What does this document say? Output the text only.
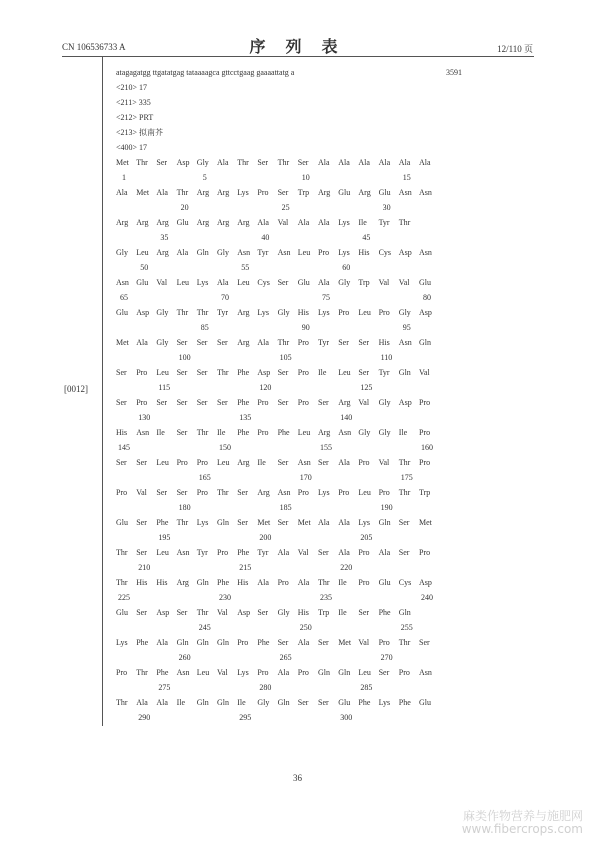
CN 106536733 A	序 列 表	12/110 页
atagagatgg ttgatatgag tataaaagca gttcctgaag gaaaattatg a	3591
<210> 17
<211> 335
<212> PRT
<213> 拟南芥
<400> 17
Met Thr Ser Asp Gly Ala Thr Ser Thr Ser Ala Ala Ala Ala Ala Ala
1	5	10	15
Ala Met Ala Thr Arg Arg Lys Pro Ser Trp Arg Glu Arg Glu Asn Asn
20	25	30
Arg Arg Arg Glu Arg Arg Arg Ala Val Ala Ala Lys Ile Tyr Thr
35	40	45
Gly Leu Arg Ala Gln Gly Asn Tyr Asn Leu Pro Lys His Cys Asp Asn
50	55	60
Asn Glu Val Leu Lys Ala Leu Cys Ser Glu Ala Gly Trp Val Val Glu
65	70	75	80
Glu Asp Gly Thr Thr Tyr Arg Lys Gly His Lys Pro Leu Pro Gly Asp
85	90	95
Met Ala Gly Ser Ser Ser Arg Ala Thr Pro Tyr Ser Ser His Asn Gln
100	105	110
Ser Pro Leu Ser Ser Thr Phe Asp Ser Pro Ile Leu Ser Tyr Gln Val
115	120	125
Ser Pro Ser Ser Ser Ser Phe Pro Ser Pro Ser Arg Val Gly Asp Pro
130	135	140
His Asn Ile Ser Thr Ile Phe Pro Phe Leu Arg Asn Gly Gly Ile Pro
145	150	155	160
Ser Ser Leu Pro Pro Leu Arg Ile Ser Asn Ser Ala Pro Val Thr Pro
165	170	175
Pro Val Ser Ser Pro Thr Ser Arg Asn Pro Lys Pro Leu Pro Thr Trp
180	185	190
Glu Ser Phe Thr Lys Gln Ser Met Ser Met Ala Ala Lys Gln Ser Met
195	200	205
Thr Ser Leu Asn Tyr Pro Phe Tyr Ala Val Ser Ala Pro Ala Ser Pro
210	215	220
Thr His His Arg Gln Phe His Ala Pro Ala Thr Ile Pro Glu Cys Asp
225	230	235	240
Glu Ser Asp Ser Thr Val Asp Ser Gly His Trp Ile Ser Phe Gln
245	250	255
Lys Phe Ala Gln Gln Gln Pro Phe Ser Ala Ser Met Val Pro Thr Ser
260	265	270
Pro Thr Phe Asn Leu Val Lys Pro Ala Pro Gln Gln Leu Ser Pro Asn
275	280	285
Thr Ala Ala Ile Gln Gln Ile Gly Gln Ser Ser Glu Phe Lys Phe Glu
290	295	300
[0012]
36
麻类作物营养与施肥网
www.fibercrops.com
